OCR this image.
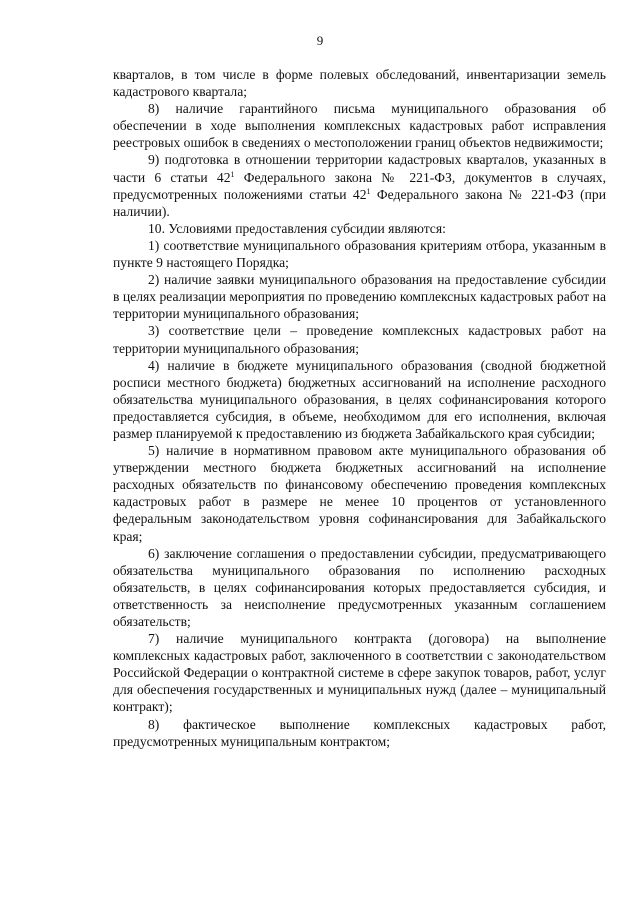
9

кварталов, в том числе в форме полевых обследований, инвентаризации земель кадастрового квартала;

8) наличие гарантийного письма муниципального образования об обеспечении в ходе выполнения комплексных кадастровых работ исправления реестровых ошибок в сведениях о местоположении границ объектов недвижимости;

9) подготовка в отношении территории кадастровых кварталов, указанных в части 6 статьи $42^1$ Федерального закона № 221-ФЗ, документов в случаях, предусмотренных положениями статьи $42^1$ Федерального закона № 221-ФЗ (при наличии).

10. Условиями предоставления субсидии являются:

1) соответствие муниципального образования критериям отбора, указанным в пункте 9 настоящего Порядка;

2) наличие заявки муниципального образования на предоставление субсидии в целях реализации мероприятия по проведению комплексных кадастровых работ на территории муниципального образования;

3) соответствие цели – проведение комплексных кадастровых работ на территории муниципального образования;

4) наличие в бюджете муниципального образования (сводной бюджетной росписи местного бюджета) бюджетных ассигнований на исполнение расходного обязательства муниципального образования, в целях софинансирования которого предоставляется субсидия, в объеме, необходимом для его исполнения, включая размер планируемой к предоставлению из бюджета Забайкальского края субсидии;

5) наличие в нормативном правовом акте муниципального образования об утверждении местного бюджета бюджетных ассигнований на исполнение расходных обязательств по финансовому обеспечению проведения комплексных кадастровых работ в размере не менее 10 процентов от установленного федеральным законодательством уровня софинансирования для Забайкальского края;

6) заключение соглашения о предоставлении субсидии, предусматривающего обязательства муниципального образования по исполнению расходных обязательств, в целях софинансирования которых предоставляется субсидия, и ответственность за неисполнение предусмотренных указанным соглашением обязательств;

7) наличие муниципального контракта (договора) на выполнение комплексных кадастровых работ, заключенного в соответствии с законодательством Российской Федерации о контрактной системе в сфере закупок товаров, работ, услуг для обеспечения государственных и муниципальных нужд (далее – муниципальный контракт);

8) фактическое выполнение комплексных кадастровых работ, предусмотренных муниципальным контрактом;
